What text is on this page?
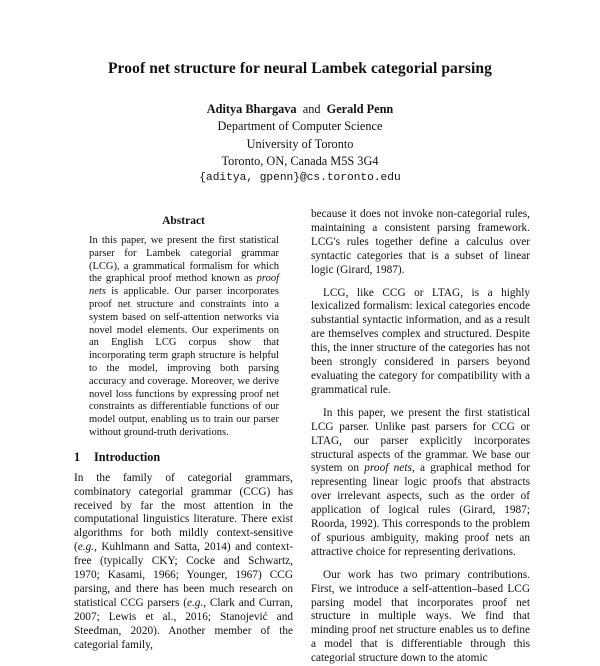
Proof net structure for neural Lambek categorial parsing
Aditya Bhargava and Gerald Penn
Department of Computer Science
University of Toronto
Toronto, ON, Canada M5S 3G4
{aditya, gpenn}@cs.toronto.edu
Abstract

In this paper, we present the first statistical parser for Lambek categorial grammar (LCG), a grammatical formalism for which the graphical proof method known as proof nets is applicable. Our parser incorporates proof net structure and constraints into a system based on self-attention networks via novel model elements. Our experiments on an English LCG corpus show that incorporating term graph structure is helpful to the model, improving both parsing accuracy and coverage. Moreover, we derive novel loss functions by expressing proof net constraints as differentiable functions of our model output, enabling us to train our parser without ground-truth derivations.

1 Introduction

In the family of categorial grammars, combinatory categorial grammar (CCG) has received by far the most attention in the computational linguistics literature. There exist algorithms for both mildly context-sensitive (e.g., Kuhlmann and Satta, 2014) and context-free (typically CKY; Cocke and Schwartz, 1970; Kasami, 1966; Younger, 1967) CCG parsing, and there has been much research on statistical CCG parsers (e.g., Clark and Curran, 2007; Lewis et al., 2016; Stanojević and Steedman, 2020). Another member of the categorial family,

because it does not invoke non-categorial rules, maintaining a consistent parsing framework. LCG's rules together define a calculus over syntactic categories that is a subset of linear logic (Girard, 1987).

LCG, like CCG or LTAG, is a highly lexicalized formalism: lexical categories encode substantial syntactic information, and as a result are themselves complex and structured. Despite this, the inner structure of the categories has not been strongly considered in parsers beyond evaluating the category for compatibility with a grammatical rule.

In this paper, we present the first statistical LCG parser. Unlike past parsers for CCG or LTAG, our parser explicitly incorporates structural aspects of the grammar. We base our system on proof nets, a graphical method for representing linear logic proofs that abstracts over irrelevant aspects, such as the order of application of logical rules (Girard, 1987; Roorda, 1992). This corresponds to the problem of spurious ambiguity, making proof nets an attractive choice for representing derivations.

Our work has two primary contributions. First, we introduce a self-attention–based LCG parsing model that incorporates proof net structure in multiple ways. We find that minding proof net structure enables us to define a model that is differentiable through this categorial structure down to the atomic
